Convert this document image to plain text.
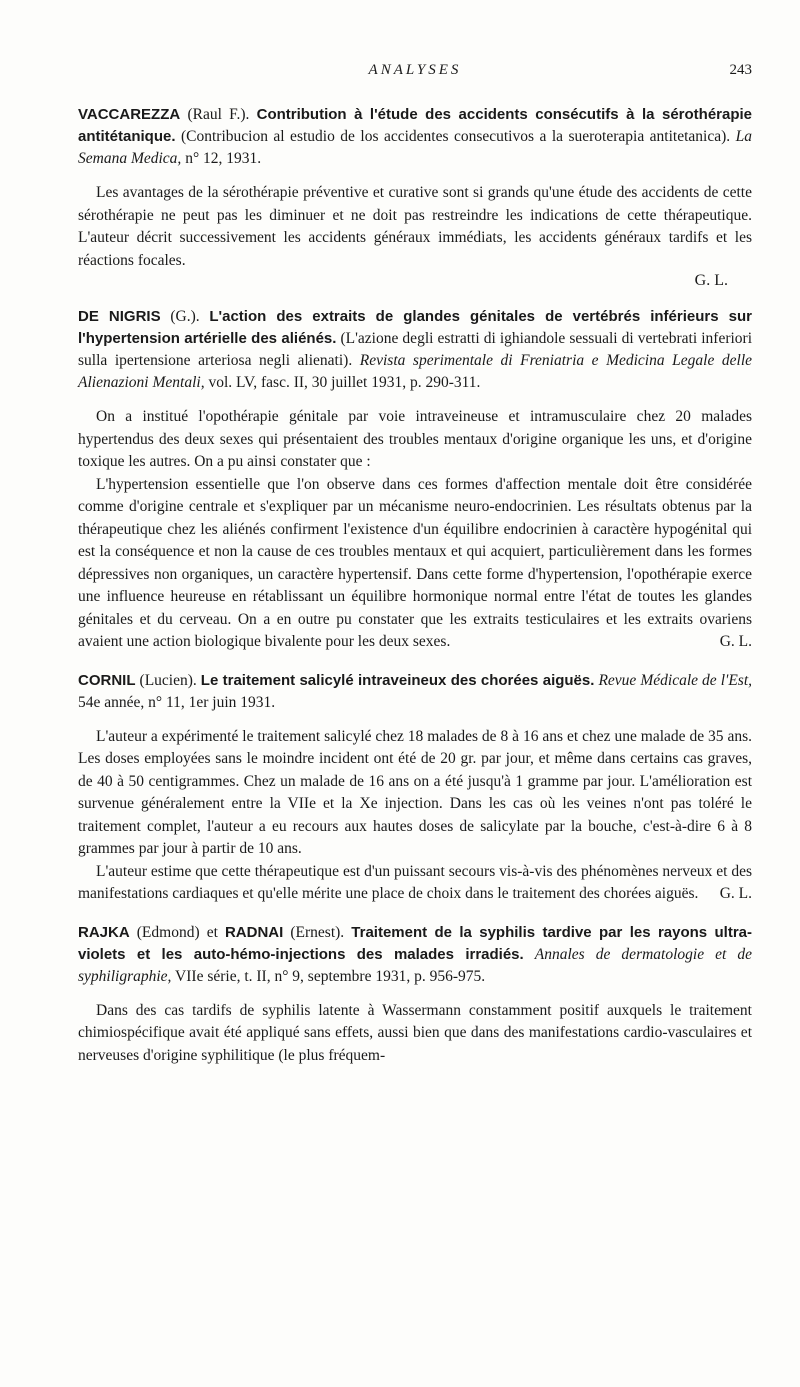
ANALYSES	243

VACCAREZZA (Raul F.). Contribution à l'étude des accidents consécutifs à la sérothérapie antitétanique. (Contribucion al estudio de los accidentes consecutivos a la sueroterapia antitetanica). La Semana Medica, n° 12, 1931.

Les avantages de la sérothérapie préventive et curative sont si grands qu'une étude des accidents de cette sérothérapie ne peut pas les diminuer et ne doit pas restreindre les indications de cette thérapeutique. L'auteur décrit successivement les accidents généraux immédiats, les accidents généraux tardifs et les réactions focales.

G. L.

DE NIGRIS (G.). L'action des extraits de glandes génitales de vertébrés inférieurs sur l'hypertension artérielle des aliénés. (L'azione degli estratti di ighiandole sessuali di vertebrati inferiori sulla ipertensione arteriosa negli alienati). Revista sperimentale di Freniatria e Medicina Legale delle Alienazioni Mentali, vol. LV, fasc. II, 30 juillet 1931, p. 290-311.

On a institué l'opothérapie génitale par voie intraveineuse et intramusculaire chez 20 malades hypertendus des deux sexes qui présentaient des troubles mentaux d'origine organique les uns, et d'origine toxique les autres. On a pu ainsi constater que :

L'hypertension essentielle que l'on observe dans ces formes d'affection mentale doit être considérée comme d'origine centrale et s'expliquer par un mécanisme neuro-endocrinien. Les résultats obtenus par la thérapeutique chez les aliénés confirment l'existence d'un équilibre endocrinien à caractère hypogénital qui est la conséquence et non la cause de ces troubles mentaux et qui acquiert, particulièrement dans les formes dépressives non organiques, un caractère hypertensif. Dans cette forme d'hypertension, l'opothérapie exerce une influence heureuse en rétablissant un équilibre hormonique normal entre l'état de toutes les glandes génitales et du cerveau. On a en outre pu constater que les extraits testiculaires et les extraits ovariens avaient une action biologique bivalente pour les deux sexes.	G. L.

CORNIL (Lucien). Le traitement salicylé intraveineux des chorées aiguës. Revue Médicale de l'Est, 54e année, n° 11, 1er juin 1931.

L'auteur a expérimenté le traitement salicylé chez 18 malades de 8 à 16 ans et chez une malade de 35 ans. Les doses employées sans le moindre incident ont été de 20 gr. par jour, et même dans certains cas graves, de 40 à 50 centigrammes. Chez un malade de 16 ans on a été jusqu'à 1 gramme par jour. L'amélioration est survenue généralement entre la VIIe et la Xe injection. Dans les cas où les veines n'ont pas toléré le traitement complet, l'auteur a eu recours aux hautes doses de salicylate par la bouche, c'est-à-dire 6 à 8 grammes par jour à partir de 10 ans.

L'auteur estime que cette thérapeutique est d'un puissant secours vis-à-vis des phénomènes nerveux et des manifestations cardiaques et qu'elle mérite une place de choix dans le traitement des chorées aiguës.	G. L.

RAJKA (Edmond) et RADNAI (Ernest). Traitement de la syphilis tardive par les rayons ultra-violets et les auto-hémo-injections des malades irradiés. Annales de dermatologie et de syphiligraphie, VIIe série, t. II, n° 9, septembre 1931, p. 956-975.

Dans des cas tardifs de syphilis latente à Wassermann constamment positif auxquels le traitement chimiospécifique avait été appliqué sans effets, aussi bien que dans des manifestations cardio-vasculaires et nerveuses d'origine syphilitique (le plus fréquem-
